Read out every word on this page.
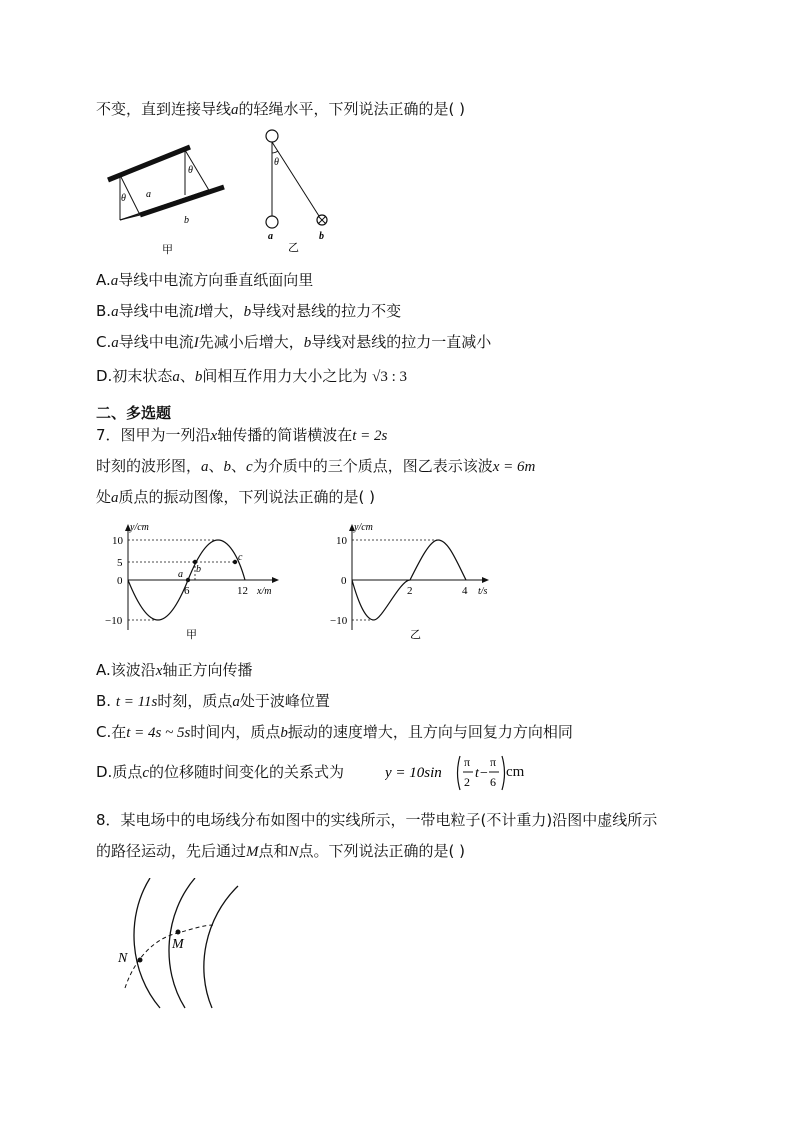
不变，直到连接导线a的轻绳水平，下列说法正确的是( )
θ
θ
a
b
甲
θ
a	b
乙
A.a导线中电流方向垂直纸面向里
B.a导线中电流I增大，b导线对悬线的拉力不变
C.a导线中电流I先减小后增大，b导线对悬线的拉力一直减小
D.初末状态a、b间相互作用力大小之比为 √3 : 3
二、多选题
7．图甲为一列沿x轴传播的简谐横波在t = 2s
时刻的波形图，a、b、c为介质中的三个质点，图乙表示该波x = 6m
处a质点的振动图像，下列说法正确的是( )
y/cm
x/m
10
5
0
−10
6	12
a b
c
甲
y/cm
t/s
10
0
−10
2	4
乙
A.该波沿x轴正方向传播
B. t = 11s时刻，质点a处于波峰位置
C.在t = 4s ~ 5s时间内，质点b振动的速度增大，且方向与回复力方向相同
D.质点c的位移随时间变化的关系式为	y = 10sin
π
2
t −
π
6
cm
8．某电场中的电场线分布如图中的实线所示，一带电粒子(不计重力)沿图中虚线所示
的路径运动，先后通过M点和N点。下列说法正确的是( )
N
M
